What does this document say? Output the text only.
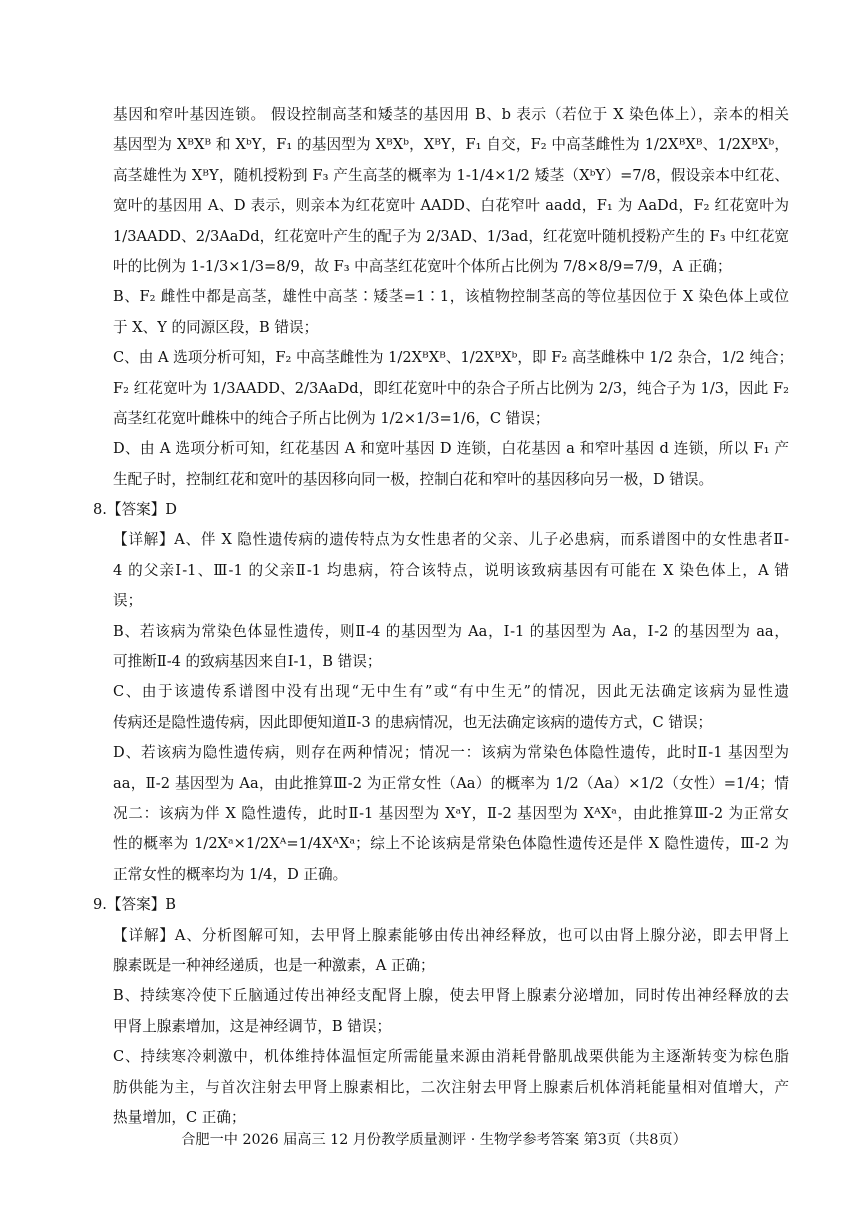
基因和窄叶基因连锁。 假设控制高茎和矮茎的基因用 B、b 表示（若位于 X 染色体上），亲本的相关
基因型为 XᴮXᴮ 和 XᵇY，F₁ 的基因型为 XᴮXᵇ，XᴮY，F₁ 自交，F₂ 中高茎雌性为 1/2XᴮXᴮ、1/2XᴮXᵇ，
高茎雄性为 XᴮY，随机授粉到 F₃ 产生高茎的概率为 1-1/4×1/2 矮茎（XᵇY）=7/8，假设亲本中红花、
宽叶的基因用 A、D 表示，则亲本为红花宽叶 AADD、白花窄叶 aadd，F₁ 为 AaDd，F₂ 红花宽叶为
1/3AADD、2/3AaDd，红花宽叶产生的配子为 2/3AD、1/3ad，红花宽叶随机授粉产生的 F₃ 中红花宽
叶的比例为 1-1/3×1/3=8/9，故 F₃ 中高茎红花宽叶个体所占比例为 7/8×8/9=7/9，A 正确；
B、F₂ 雌性中都是高茎，雄性中高茎∶矮茎=1∶1，该植物控制茎高的等位基因位于 X 染色体上或位
于 X、Y 的同源区段，B 错误；
C、由 A 选项分析可知，F₂ 中高茎雌性为 1/2XᴮXᴮ、1/2XᴮXᵇ，即 F₂ 高茎雌株中 1/2 杂合，1/2 纯合；
F₂ 红花宽叶为 1/3AADD、2/3AaDd，即红花宽叶中的杂合子所占比例为 2/3，纯合子为 1/3，因此 F₂
高茎红花宽叶雌株中的纯合子所占比例为 1/2×1/3=1/6，C 错误；
D、由 A 选项分析可知，红花基因 A 和宽叶基因 D 连锁，白花基因 a 和窄叶基因 d 连锁，所以 F₁ 产
生配子时，控制红花和宽叶的基因移向同一极，控制白花和窄叶的基因移向另一极，D 错误。
8.【答案】D
【详解】A、伴 X 隐性遗传病的遗传特点为女性患者的父亲、儿子必患病，而系谱图中的女性患者Ⅱ-
4 的父亲Ⅰ-1、Ⅲ-1 的父亲Ⅱ-1 均患病，符合该特点，说明该致病基因有可能在 X 染色体上，A 错
误；
B、若该病为常染色体显性遗传，则Ⅱ-4 的基因型为 Aa，Ⅰ-1 的基因型为 Aa，Ⅰ-2 的基因型为 aa，
可推断Ⅱ-4 的致病基因来自Ⅰ-1，B 错误；
C、由于该遗传系谱图中没有出现“无中生有”或“有中生无”的情况，因此无法确定该病为显性遗
传病还是隐性遗传病，因此即便知道Ⅱ-3 的患病情况，也无法确定该病的遗传方式，C 错误；
D、若该病为隐性遗传病，则存在两种情况；情况一：该病为常染色体隐性遗传，此时Ⅱ-1 基因型为
aa，Ⅱ-2 基因型为 Aa，由此推算Ⅲ-2 为正常女性（Aa）的概率为 1/2（Aa）×1/2（女性）=1/4；情
况二：该病为伴 X 隐性遗传，此时Ⅱ-1 基因型为 XᵃY，Ⅱ-2 基因型为 XᴬXᵃ，由此推算Ⅲ-2 为正常女
性的概率为 1/2Xᵃ×1/2Xᴬ=1/4XᴬXᵃ；综上不论该病是常染色体隐性遗传还是伴 X 隐性遗传，Ⅲ-2 为
正常女性的概率均为 1/4，D 正确。
9.【答案】B
【详解】A、分析图解可知，去甲肾上腺素能够由传出神经释放，也可以由肾上腺分泌，即去甲肾上
腺素既是一种神经递质，也是一种激素，A 正确；
B、持续寒冷使下丘脑通过传出神经支配肾上腺，使去甲肾上腺素分泌增加，同时传出神经释放的去
甲肾上腺素增加，这是神经调节，B 错误；
C、持续寒冷刺激中，机体维持体温恒定所需能量来源由消耗骨骼肌战栗供能为主逐渐转变为棕色脂
肪供能为主，与首次注射去甲肾上腺素相比，二次注射去甲肾上腺素后机体消耗能量相对值增大，产
热量增加，C 正确；
合肥一中 2026 届高三 12 月份教学质量测评 · 生物学参考答案 第3页（共8页）
